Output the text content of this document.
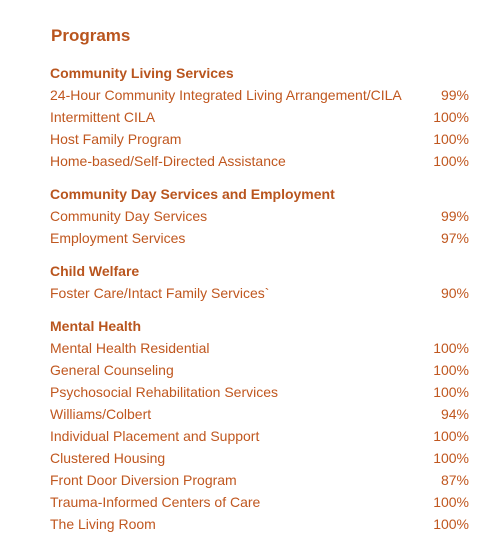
Programs
Community Living Services
24-Hour Community Integrated Living Arrangement/CILA	99%
Intermittent CILA	100%
Host Family Program	100%
Home-based/Self-Directed Assistance	100%
Community Day Services and Employment
Community Day Services	99%
Employment Services	97%
Child Welfare
Foster Care/Intact Family Services`	90%
Mental Health
Mental Health Residential	100%
General Counseling	100%
Psychosocial Rehabilitation Services	100%
Williams/Colbert	94%
Individual Placement and Support	100%
Clustered Housing	100%
Front Door Diversion Program	87%
Trauma-Informed Centers of Care	100%
The Living Room	100%
